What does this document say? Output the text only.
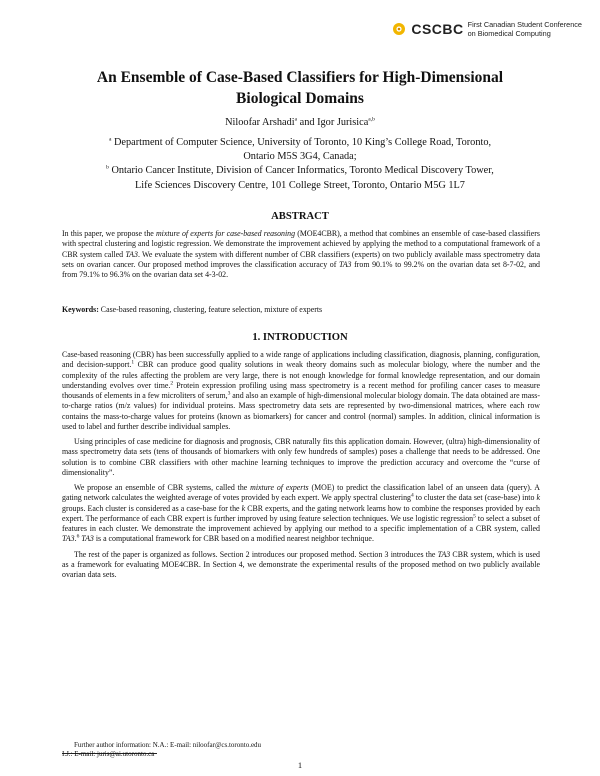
CSCBC First Canadian Student Conference
on Biomedical Computing
An Ensemble of Case-Based Classifiers for High-Dimensional
Biological Domains
Niloofar Arshadi$^a$ and Igor Jurisica$^{a,b}$

$^a$ Department of Computer Science, University of Toronto, 10 King’s College Road, Toronto,
Ontario M5S 3G4, Canada;

$^b$ Ontario Cancer Institute, Division of Cancer Informatics, Toronto Medical Discovery Tower,
Life Sciences Discovery Centre, 101 College Street, Toronto, Ontario M5G 1L7

ABSTRACT

In this paper, we propose the mixture of experts for case-based reasoning (MOE4CBR), a method that combines an ensemble of case-based classifiers with spectral clustering and logistic regression. We demonstrate the improvement achieved by applying the method to a computational framework of a CBR system called TA3. We evaluate the system with different number of CBR classifiers (experts) on two publicly available mass spectrometry data sets on ovarian cancer. Our proposed method improves the classification accuracy of TA3 from 90.1% to 99.2% on the ovarian data set 8-7-02, and from 79.1% to 96.3% on the ovarian data set 4-3-02.

Keywords: Case-based reasoning, clustering, feature selection, mixture of experts
1. INTRODUCTION

Case-based reasoning (CBR) has been successfully applied to a wide range of applications including classification, diagnosis, planning, configuration, and decision-support.$^1$ CBR can produce good quality solutions in weak theory domains such as molecular biology, where the number and the complexity of the rules affecting the problem are very large, there is not enough knowledge for formal knowledge representation, and our domain understanding evolves over time.$^2$ Protein expression profiling using mass spectrometry is a recent method for profiling cancer cases to measure thousands of elements in a few microliters of serum,$^3$ and also an example of high-dimensional molecular biology domain. The data obtained are mass-to-charge ratios (m/z values) for individual proteins. Mass spectrometry data sets are represented by two-dimensional matrices, where each row contains the mass-to-charge values for proteins (known as biomarkers) for cancer and control (normal) samples. In addition, clinical information is used to label and further describe individual samples.

Using principles of case medicine for diagnosis and prognosis, CBR naturally fits this application domain. However, (ultra) high-dimensionality of mass spectrometry data sets (tens of thousands of biomarkers with only few hundreds of samples) poses a challenge that needs to be addressed. One solution is to combine CBR classifiers with other machine learning techniques to improve the prediction accuracy and overcome the “curse of dimensionality”.

We propose an ensemble of CBR systems, called the mixture of experts (MOE) to predict the classification label of an unseen data (query). A gating network calculates the weighted average of votes provided by each expert. We apply spectral clustering$^4$ to cluster the data set (case-base) into k groups. Each cluster is considered as a case-base for the k CBR experts, and the gating network learns how to combine the responses provided by each expert. The performance of each CBR expert is further improved by using feature selection techniques. We use logistic regression$^5$ to select a subset of features in each cluster. We demonstrate the improvement achieved by applying our method to a specific implementation of a CBR system, called TA3.$^6$ TA3 is a computational framework for CBR based on a modified nearest neighbor technique.

The rest of the paper is organized as follows. Section 2 introduces our proposed method. Section 3 introduces the TA3 CBR system, which is used as a framework for evaluating MOE4CBR. In Section 4, we demonstrate the experimental results of the proposed method on two publicly available ovarian data sets.

Further author information: N.A.: E-mail: niloofar@cs.toronto.edu

I.J.: E-mail: juris@ai.utoronto.ca

1
